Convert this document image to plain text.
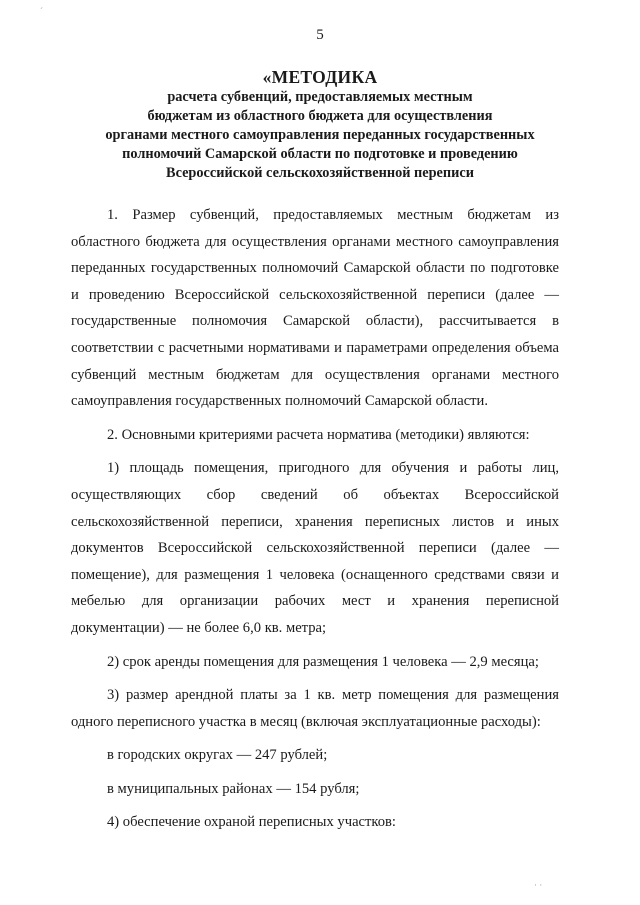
5
«МЕТОДИКА
расчета субвенций, предоставляемых местным
бюджетам из областного бюджета для осуществления
органами местного самоуправления переданных государственных
полномочий Самарской области по подготовке и проведению
Всероссийской сельскохозяйственной переписи

1. Размер субвенций, предоставляемых местным бюджетам из областного бюджета для осуществления органами местного самоуправления переданных государственных полномочий Самарской области по подготовке и проведению Всероссийской сельскохозяйственной переписи (далее — государственные полномочия Самарской области), рассчитывается в соответствии с расчетными нормативами и параметрами определения объема субвенций местным бюджетам для осуществления органами местного самоуправления государственных полномочий Самарской области.

2. Основными критериями расчета норматива (методики) являются:

1) площадь помещения, пригодного для обучения и работы лиц, осуществляющих сбор сведений об объектах Всероссийской сельскохозяйственной переписи, хранения переписных листов и иных документов Всероссийской сельскохозяйственной переписи (далее — помещение), для размещения 1 человека (оснащенного средствами связи и мебелью для организации рабочих мест и хранения переписной документации) — не более 6,0 кв. метра;

2) срок аренды помещения для размещения 1 человека — 2,9 месяца;

3) размер арендной платы за 1 кв. метр помещения для размещения одного переписного участка в месяц (включая эксплуатационные расходы):

в городских округах — 247 рублей;

в муниципальных районах — 154 рубля;

4) обеспечение охраной переписных участков:

´
· ·
